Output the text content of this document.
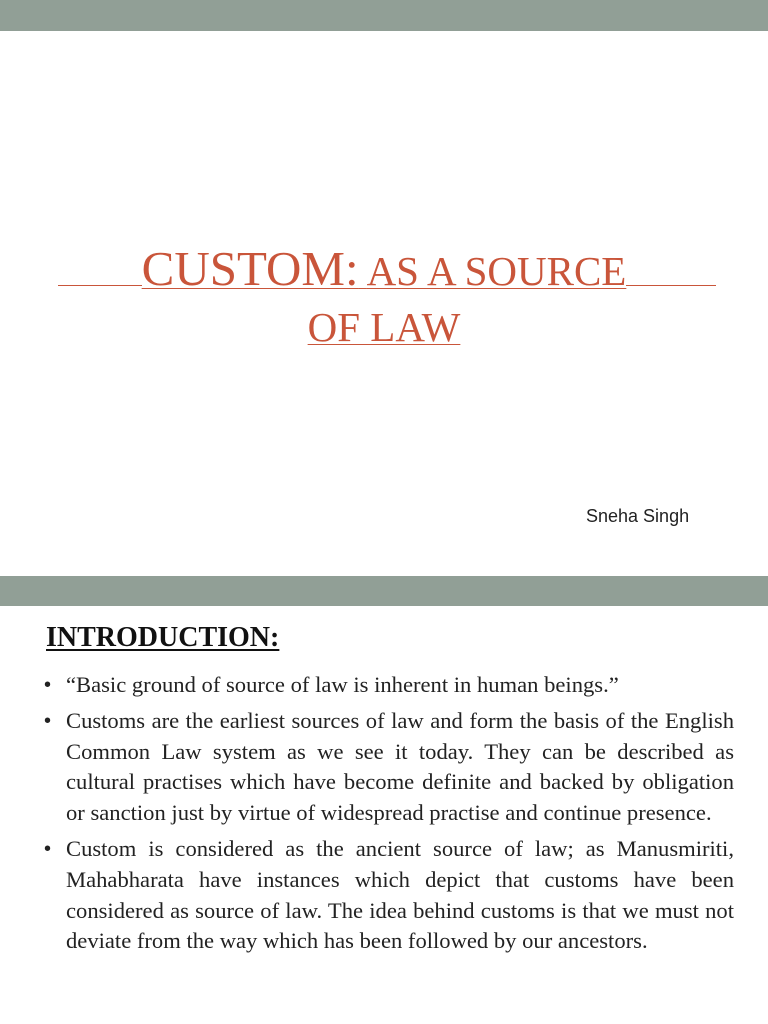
CUSTOM: AS A SOURCE
OF LAW
Sneha Singh
INTRODUCTION:
• “Basic ground of source of law is inherent in human beings.”
• Customs are the earliest sources of law and form the basis of the English Common Law system as we see it today. They can be described as cultural practises which have become definite and backed by obligation or sanction just by virtue of widespread practise and continue presence.
• Custom is considered as the ancient source of law; as Manusmiriti, Mahabharata have instances which depict that customs have been considered as source of law. The idea behind customs is that we must not deviate from the way which has been followed by our ancestors.
